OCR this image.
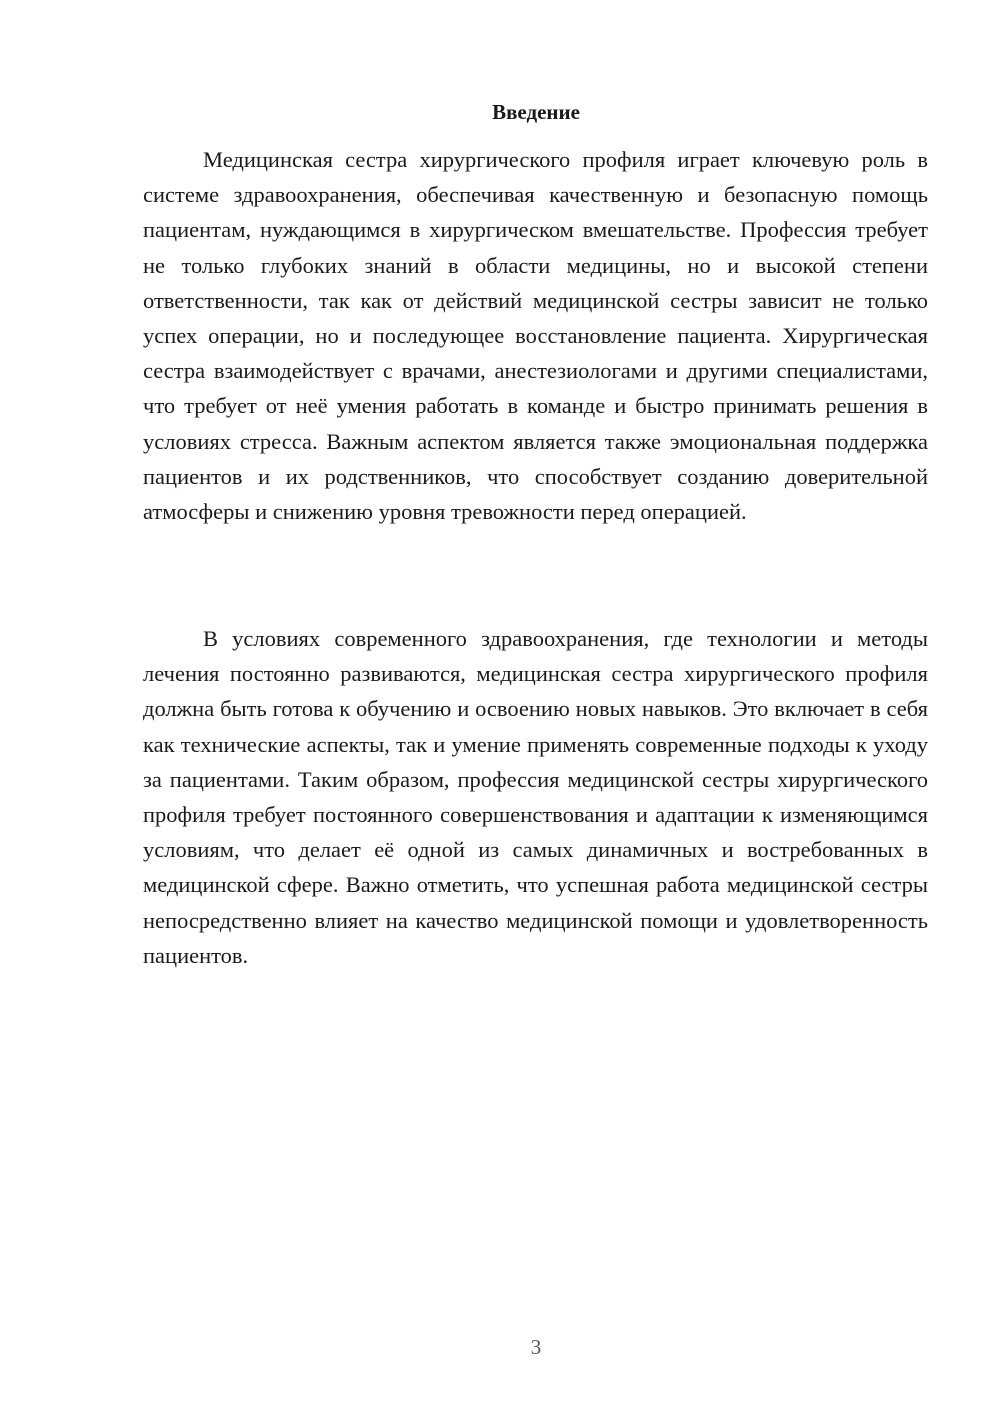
Введение

Медицинская сестра хирургического профиля играет ключевую роль в системе здравоохранения, обеспечивая качественную и безопасную помощь пациентам, нуждающимся в хирургическом вмешательстве. Профессия требует не только глубоких знаний в области медицины, но и высокой степени ответственности, так как от действий медицинской сестры зависит не только успех операции, но и последующее восстановление пациента. Хирургическая сестра взаимодействует с врачами, анестезиологами и другими специалистами, что требует от неё умения работать в команде и быстро принимать решения в условиях стресса. Важным аспектом является также эмоциональная поддержка пациентов и их родственников, что способствует созданию доверительной атмосферы и снижению уровня тревожности перед операцией.

В условиях современного здравоохранения, где технологии и методы лечения постоянно развиваются, медицинская сестра хирургического профиля должна быть готова к обучению и освоению новых навыков. Это включает в себя как технические аспекты, так и умение применять современные подходы к уходу за пациентами. Таким образом, профессия медицинской сестры хирургического профиля требует постоянного совершенствования и адаптации к изменяющимся условиям, что делает её одной из самых динамичных и востребованных в медицинской сфере. Важно отметить, что успешная работа медицинской сестры непосредственно влияет на качество медицинской помощи и удовлетворенность пациентов.

3
